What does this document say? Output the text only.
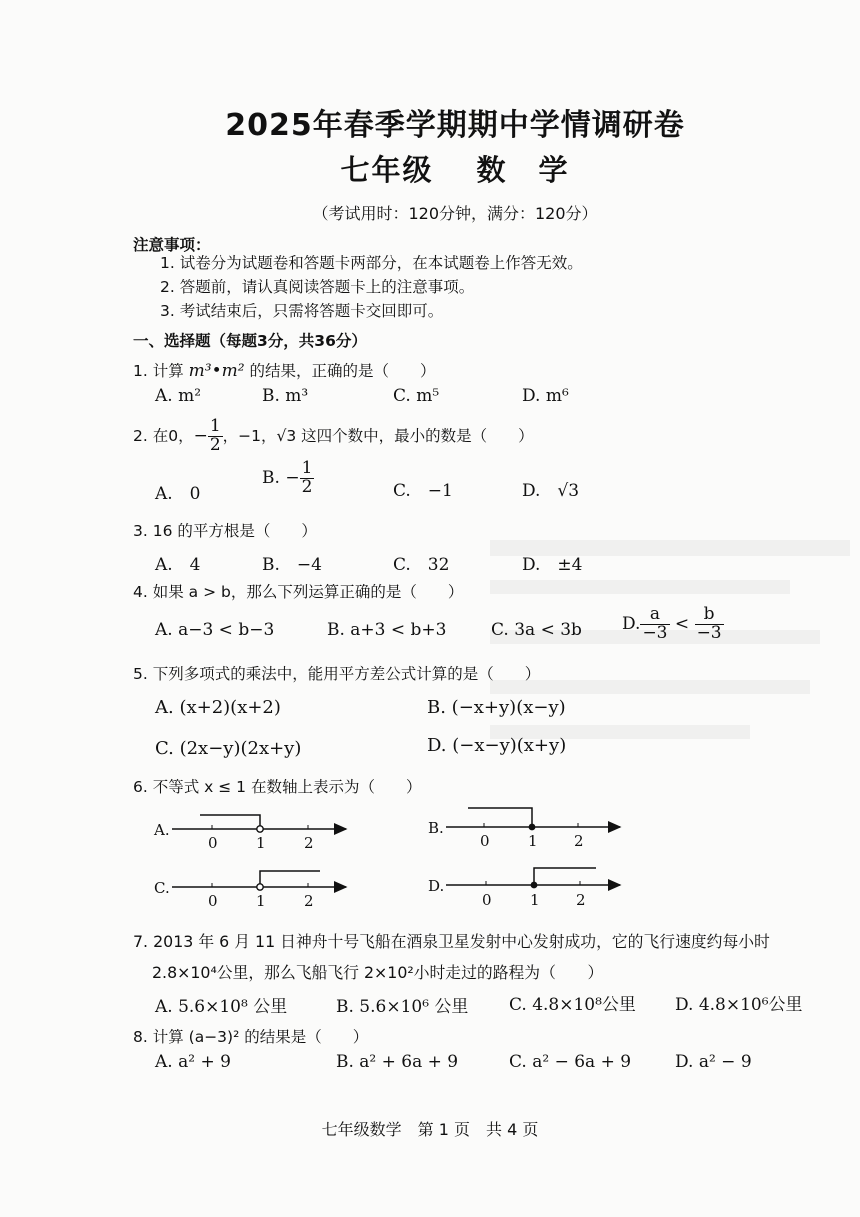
2025年春季学期期中学情调研卷
七年级　 数　学
（考试用时：120分钟，满分：120分）
注意事项：
1. 试卷分为试题卷和答题卡两部分，在本试题卷上作答无效。
2. 答题前，请认真阅读答题卡上的注意事项。
3. 考试结束后，只需将答题卡交回即可。
一、选择题（每题3分，共36分）
1. 计算 m³•m² 的结果，正确的是（　　）
A. m²	B. m³	C. m⁵	D. m⁶
2. 在0，− $\frac{1}{2}$ ，−1，√3 这四个数中，最小的数是（　　）
A.　0
B. − $\frac{1}{2}$	C.　−1	D.　√3
3. 16 的平方根是（　　）
A.　4	B.　−4	C.　32	D.　±4
4. 如果 a > b，那么下列运算正确的是（　　）
A. a−3 < b−3	B. a+3 < b+3	C. 3a < 3b D. $\frac{a}{-3} < \frac{b}{-3}$
5. 下列多项式的乘法中，能用平方差公式计算的是（　　）
A. (x+2)(x+2)	B. (−x+y)(x−y)
C. (2x−y)(2x+y)	D. (−x−y)(x+y)
6. 不等式 x ≤ 1 在数轴上表示为（　　）
A.
0	1	2
B.
0	1 2
C.
0	1	2
D.
0	1 2
7. 2013 年 6 月 11 日神舟十号飞船在酒泉卫星发射中心发射成功，它的飞行速度约每小时
2.8×10⁴公里，那么飞船飞行 2×10²小时走过的路程为（　　）
A. 5.6×10⁸ 公里	B. 5.6×10⁶ 公里 C. 4.8×10⁸公里 D. 4.8×10⁶公里
8. 计算 (a−3)² 的结果是（　　）
A. a² + 9	B. a² + 6a + 9	C. a² − 6a + 9	D. a² − 9
七年级数学　第 1 页　共 4 页
